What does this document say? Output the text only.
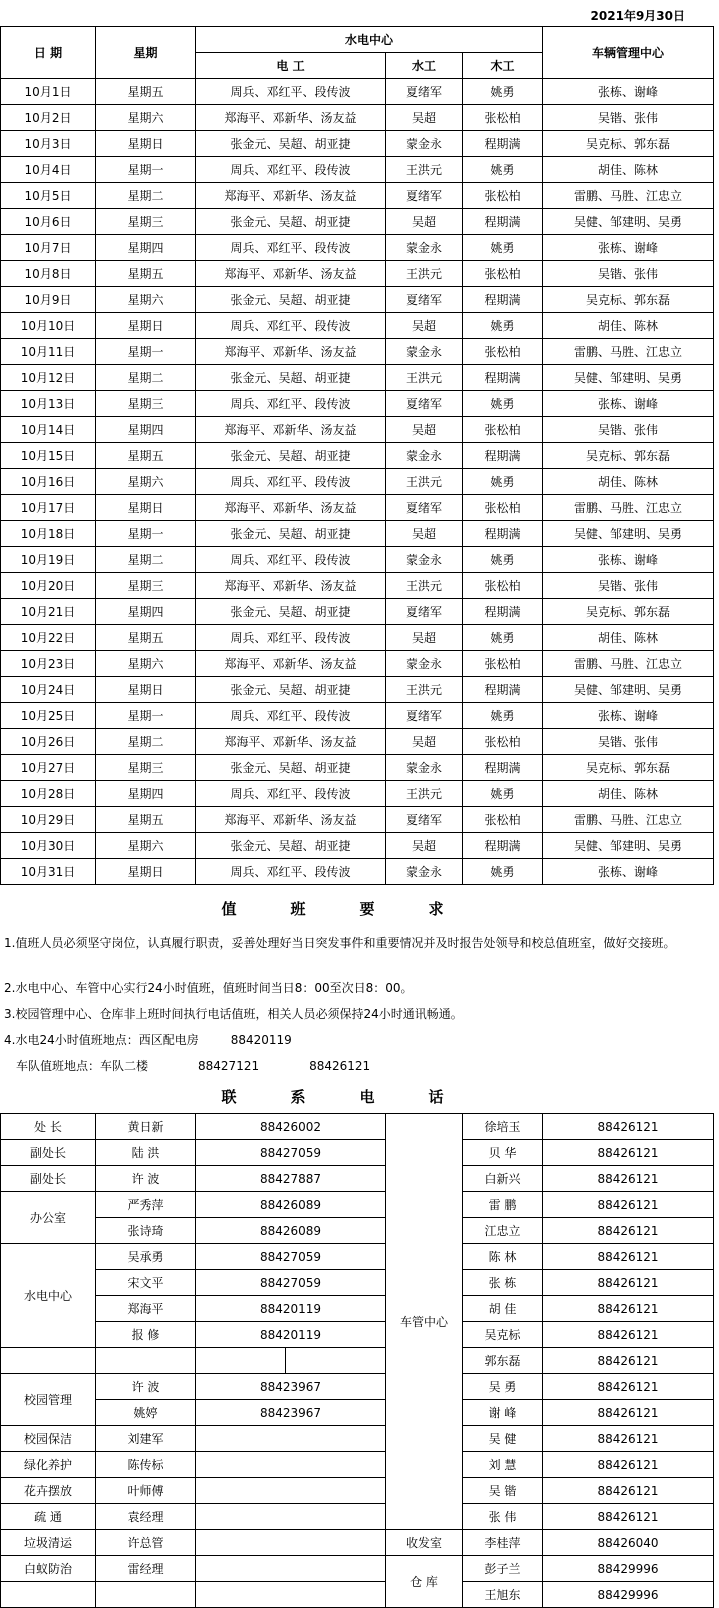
2021年9月30日
日 期	星期	水电中心			车辆管理中心
		电 工	水工	木工	
10月1日	星期五	周兵、邓红平、段传波	夏绪军	姚勇	张栋、谢峰
10月2日	星期六	郑海平、邓新华、汤友益	吴超	张松柏	吴锴、张伟
10月3日	星期日	张金元、吴超、胡亚捷	蒙金永	程期满	吴克标、郭东磊
10月4日	星期一	周兵、邓红平、段传波	王洪元	姚勇	胡佳、陈林
10月5日	星期二	郑海平、邓新华、汤友益	夏绪军	张松柏	雷鹏、马胜、江忠立
10月6日	星期三	张金元、吴超、胡亚捷	吴超	程期满	吴健、邹建明、吴勇
10月7日	星期四	周兵、邓红平、段传波	蒙金永	姚勇	张栋、谢峰
10月8日	星期五	郑海平、邓新华、汤友益	王洪元	张松柏	吴锴、张伟
10月9日	星期六	张金元、吴超、胡亚捷	夏绪军	程期满	吴克标、郭东磊
10月10日	星期日	周兵、邓红平、段传波	吴超	姚勇	胡佳、陈林
10月11日	星期一	郑海平、邓新华、汤友益	蒙金永	张松柏	雷鹏、马胜、江忠立
10月12日	星期二	张金元、吴超、胡亚捷	王洪元	程期满	吴健、邹建明、吴勇
10月13日	星期三	周兵、邓红平、段传波	夏绪军	姚勇	张栋、谢峰
10月14日	星期四	郑海平、邓新华、汤友益	吴超	张松柏	吴锴、张伟
10月15日	星期五	张金元、吴超、胡亚捷	蒙金永	程期满	吴克标、郭东磊
10月16日	星期六	周兵、邓红平、段传波	王洪元	姚勇	胡佳、陈林
10月17日	星期日	郑海平、邓新华、汤友益	夏绪军	张松柏	雷鹏、马胜、江忠立
10月18日	星期一	张金元、吴超、胡亚捷	吴超	程期满	吴健、邹建明、吴勇
10月19日	星期二	周兵、邓红平、段传波	蒙金永	姚勇	张栋、谢峰
10月20日	星期三	郑海平、邓新华、汤友益	王洪元	张松柏	吴锴、张伟
10月21日	星期四	张金元、吴超、胡亚捷	夏绪军	程期满	吴克标、郭东磊
10月22日	星期五	周兵、邓红平、段传波	吴超	姚勇	胡佳、陈林
10月23日	星期六	郑海平、邓新华、汤友益	蒙金永	张松柏	雷鹏、马胜、江忠立
10月24日	星期日	张金元、吴超、胡亚捷	王洪元	程期满	吴健、邹建明、吴勇
10月25日	星期一	周兵、邓红平、段传波	夏绪军	姚勇	张栋、谢峰
10月26日	星期二	郑海平、邓新华、汤友益	吴超	张松柏	吴锴、张伟
10月27日	星期三	张金元、吴超、胡亚捷	蒙金永	程期满	吴克标、郭东磊
10月28日	星期四	周兵、邓红平、段传波	王洪元	姚勇	胡佳、陈林
10月29日	星期五	郑海平、邓新华、汤友益	夏绪军	张松柏	雷鹏、马胜、江忠立
10月30日	星期六	张金元、吴超、胡亚捷	吴超	程期满	吴健、邹建明、吴勇
10月31日	星期日	周兵、邓红平、段传波	蒙金永	姚勇	张栋、谢峰
值班要求
1.值班人员必须坚守岗位，认真履行职责，妥善处理好当日突发事件和重要情况并及时报告处领导和校总值班室，做好交接班。
2.水电中心、车管中心实行24小时值班，值班时间当日8：00至次日8：00。
3.校园管理中心、仓库非上班时间执行电话值班，相关人员必须保持24小时通讯畅通。
4.水电24小时值班地点：西区配电房	88420119
车队值班地点：车队二楼	88427121	88426121
联系电话
处 长	黄日新	88426002		车管中心	徐培玉	88426121
副处长	陆 洪	88427059			贝 华	88426121
副处长	许 波	88427887			白新兴	88426121
办公室	严秀萍	88426089			雷 鹏	88426121
	张诗琦	88426089			江忠立	88426121
水电中心	吴承勇	88427059			陈 林	88426121
	宋文平	88427059			张 栋	88426121
	郑海平	88420119			胡 佳	88426121
	报 修	88420119			吴克标	88426121
					郭东磊	88426121
校园管理	许 波	88423967			吴 勇	88426121
	姚婷	88423967			谢 峰	88426121
校园保洁	刘建军				吴 健	88426121
绿化养护	陈传标				刘 慧	88426121
花卉摆放	叶师傅				吴 锴	88426121
疏 通	袁经理				张 伟	88426121
垃圾清运	许总管			收发室	李桂萍	88426040
白蚁防治	雷经理			仓 库	彭子兰	88429996
					王旭东	88429996
